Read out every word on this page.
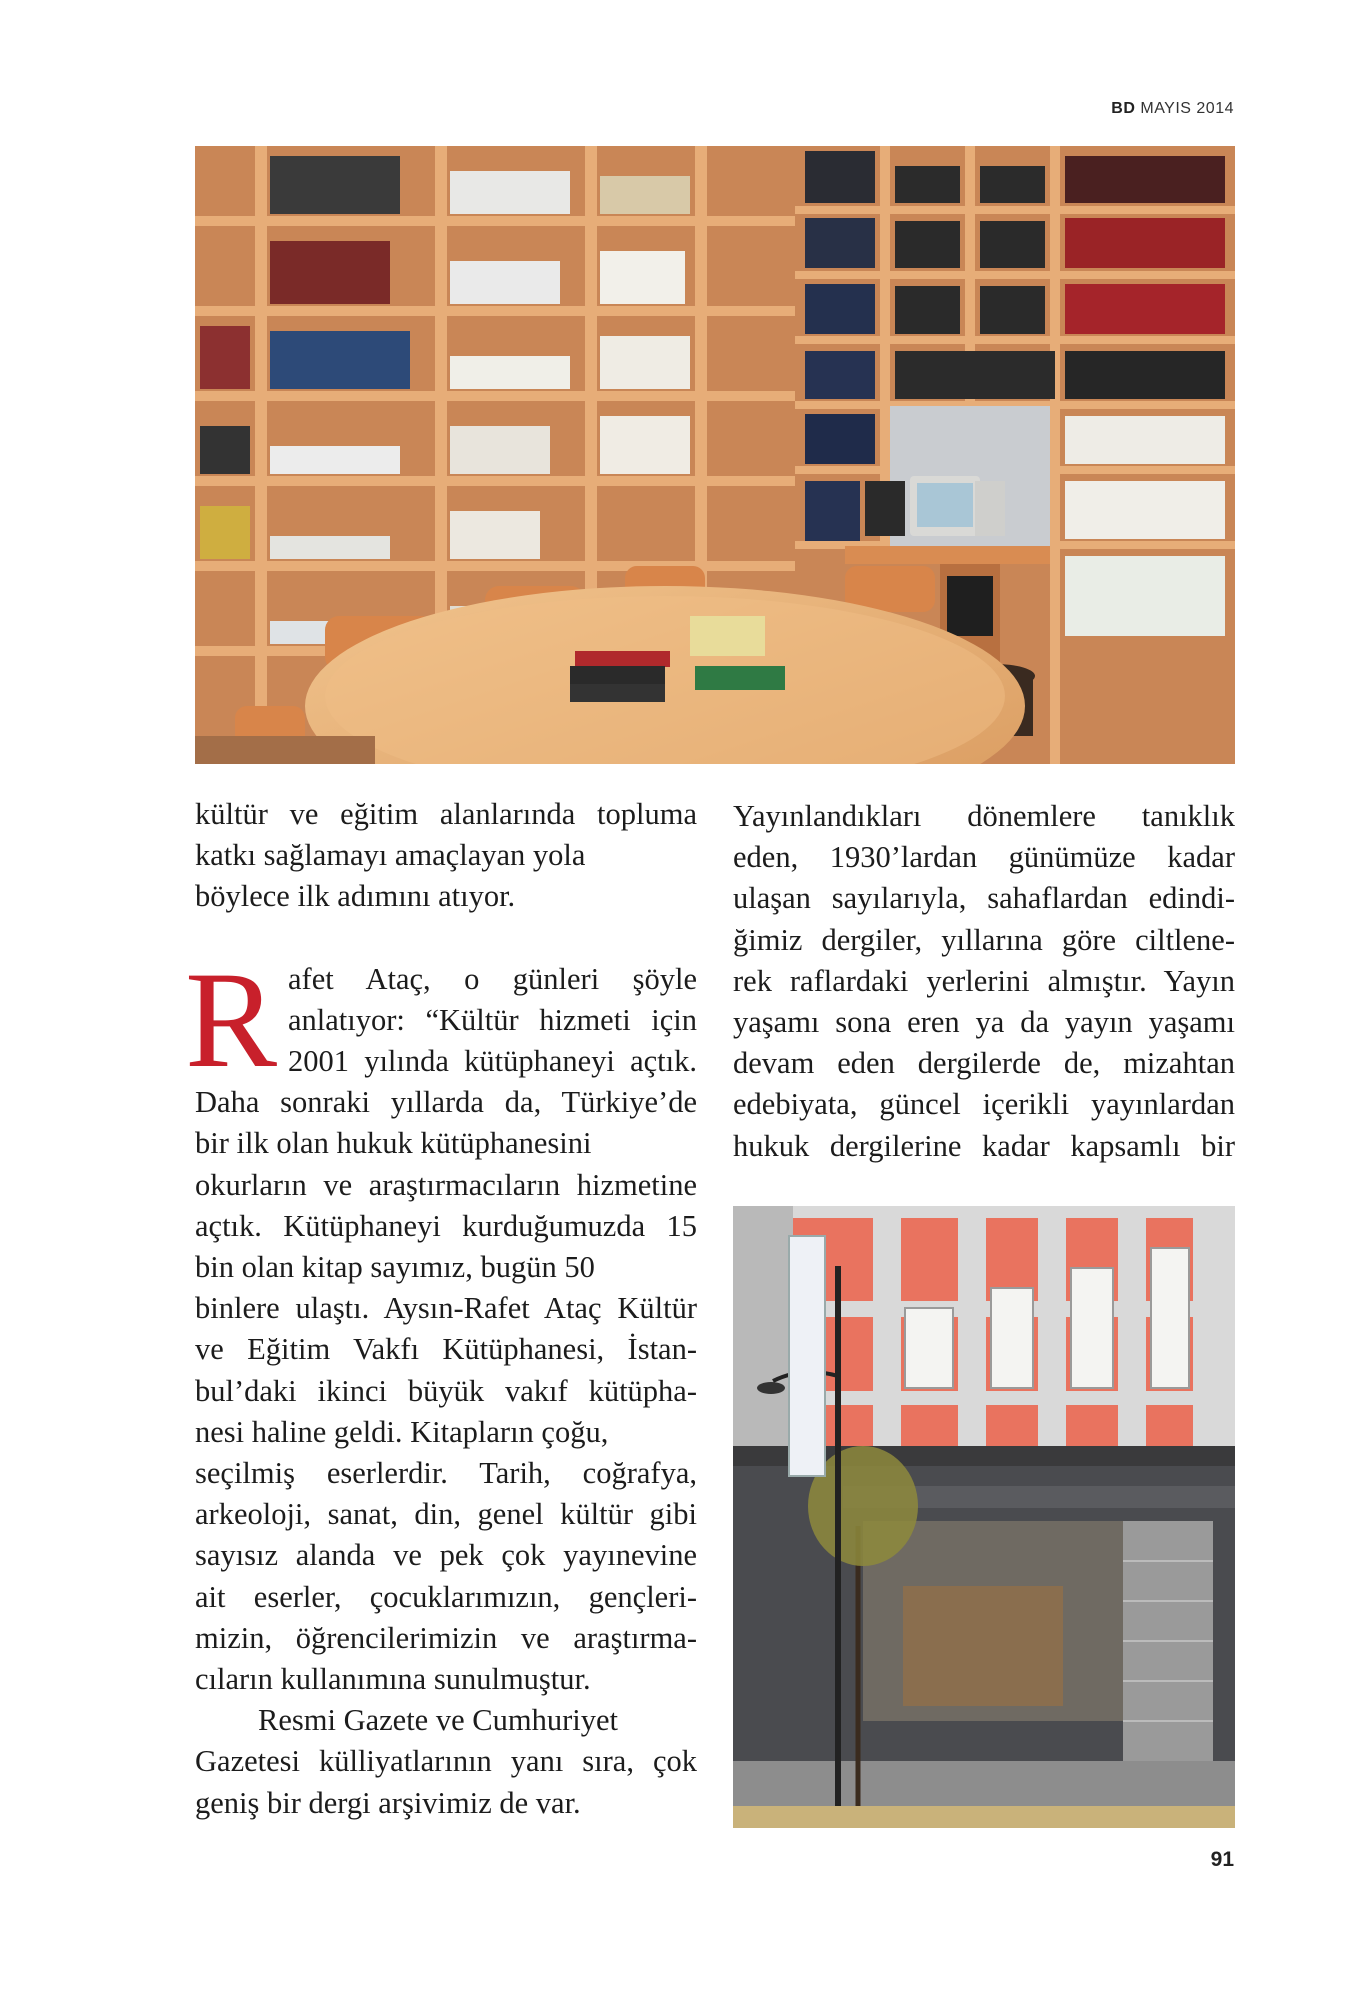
BD MAYIS 2014

kültür ve eğitim alanlarında topluma
katkı sağlamayı amaçlayan yola
böylece ilk adımını atıyor.

R afet Ataç, o günleri şöyle
anlatıyor: “Kültür hizmeti için
2001 yılında kütüphaneyi açtık.
Daha sonraki yıllarda da, Türkiye’de
bir ilk olan hukuk kütüphanesini
okurların ve araştırmacıların hizmetine
açtık. Kütüphaneyi kurduğumuzda 15
bin olan kitap sayımız, bugün 50
binlere ulaştı. Aysın-Rafet Ataç Kültür
ve Eğitim Vakfı Kütüphanesi, İstan-
bul’daki ikinci büyük vakıf kütüpha-
nesi haline geldi. Kitapların çoğu,
seçilmiş eserlerdir. Tarih, coğrafya,
arkeoloji, sanat, din, genel kültür gibi
sayısız alanda ve pek çok yayınevine
ait eserler, çocuklarımızın, gençleri-
mizin, öğrencilerimizin ve araştırma-
cıların kullanımına sunulmuştur.

Resmi Gazete ve Cumhuriyet
Gazetesi külliyatlarının yanı sıra, çok
geniş bir dergi arşivimiz de var.

Yayınlandıkları dönemlere tanıklık
eden, 1930’lardan günümüze kadar
ulaşan sayılarıyla, sahaflardan edindi-
ğimiz dergiler, yıllarına göre ciltlene-
rek raflardaki yerlerini almıştır. Yayın
yaşamı sona eren ya da yayın yaşamı
devam eden dergilerde de, mizahtan
edebiyata, güncel içerikli yayınlardan
hukuk dergilerine kadar kapsamlı bir

91
